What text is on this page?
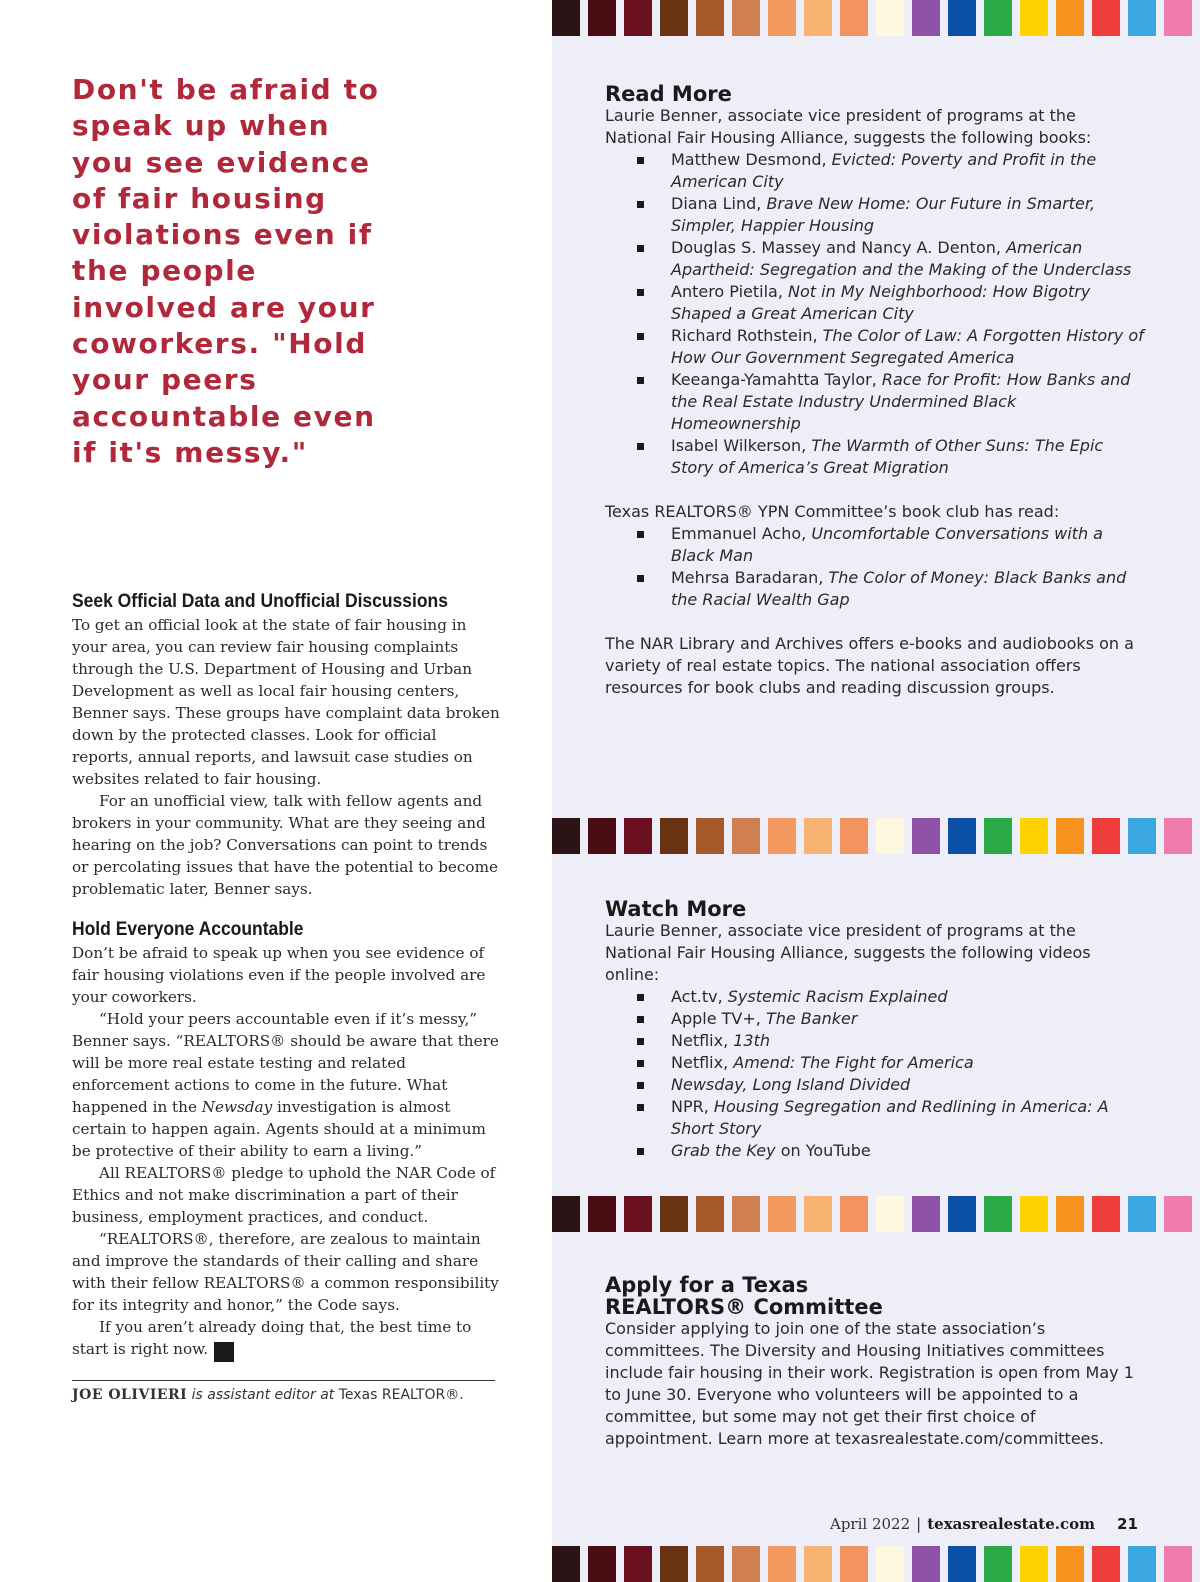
Don't be afraid to speak up when you see evidence of fair housing violations even if the people involved are your coworkers. "Hold your peers accountable even if it's messy."

Seek Official Data and Unofficial Discussions

To get an official look at the state of fair housing in your area, you can review fair housing complaints through the U.S. Department of Housing and Urban Development as well as local fair housing centers, Benner says. These groups have complaint data broken down by the protected classes. Look for official reports, annual reports, and lawsuit case studies on websites related to fair housing.

For an unofficial view, talk with fellow agents and brokers in your community. What are they seeing and hearing on the job? Conversations can point to trends or percolating issues that have the potential to become problematic later, Benner says.

Hold Everyone Accountable

Don’t be afraid to speak up when you see evidence of fair housing violations even if the people involved are your coworkers.

“Hold your peers accountable even if it’s messy,” Benner says. “REALTORS® should be aware that there will be more real estate testing and related enforcement actions to come in the future. What happened in the Newsday investigation is almost certain to happen again. Agents should at a minimum be protective of their ability to earn a living.”

All REALTORS® pledge to uphold the NAR Code of Ethics and not make discrimination a part of their business, employment practices, and conduct.

“REALTORS®, therefore, are zealous to maintain and improve the standards of their calling and share with their fellow REALTORS® a common responsibility for its integrity and honor,” the Code says.

If you aren’t already doing that, the best time to start is right now. ★

JOE OLIVIERI is assistant editor at Texas REALTOR®.
Read More

Laurie Benner, associate vice president of programs at the National Fair Housing Alliance, suggests the following books:

Matthew Desmond, Evicted: Poverty and Profit in the American City
Diana Lind, Brave New Home: Our Future in Smarter, Simpler, Happier Housing
Douglas S. Massey and Nancy A. Denton, American Apartheid: Segregation and the Making of the Underclass
Antero Pietila, Not in My Neighborhood: How Bigotry Shaped a Great American City
Richard Rothstein, The Color of Law: A Forgotten History of How Our Government Segregated America
Keeanga-Yamahtta Taylor, Race for Profit: How Banks and the Real Estate Industry Undermined Black Homeownership
Isabel Wilkerson, The Warmth of Other Suns: The Epic Story of America’s Great Migration

Texas REALTORS® YPN Committee’s book club has read:

Emmanuel Acho, Uncomfortable Conversations with a Black Man
Mehrsa Baradaran, The Color of Money: Black Banks and the Racial Wealth Gap

The NAR Library and Archives offers e-books and audiobooks on a variety of real estate topics. The national association offers resources for book clubs and reading discussion groups.

Watch More

Laurie Benner, associate vice president of programs at the National Fair Housing Alliance, suggests the following videos online:

Act.tv, Systemic Racism Explained
Apple TV+, The Banker
Netflix, 13th
Netflix, Amend: The Fight for America
Newsday, Long Island Divided
NPR, Housing Segregation and Redlining in America: A Short Story
Grab the Key on YouTube
Apply for a Texas
REALTORS® Committee

Consider applying to join one of the state association’s committees. The Diversity and Housing Initiatives committees include fair housing in their work. Registration is open from May 1 to June 30. Everyone who volunteers will be appointed to a committee, but some may not get their first choice of appointment. Learn more at texasrealestate.com/committees.

April 2022 | texasrealestate.com 21
